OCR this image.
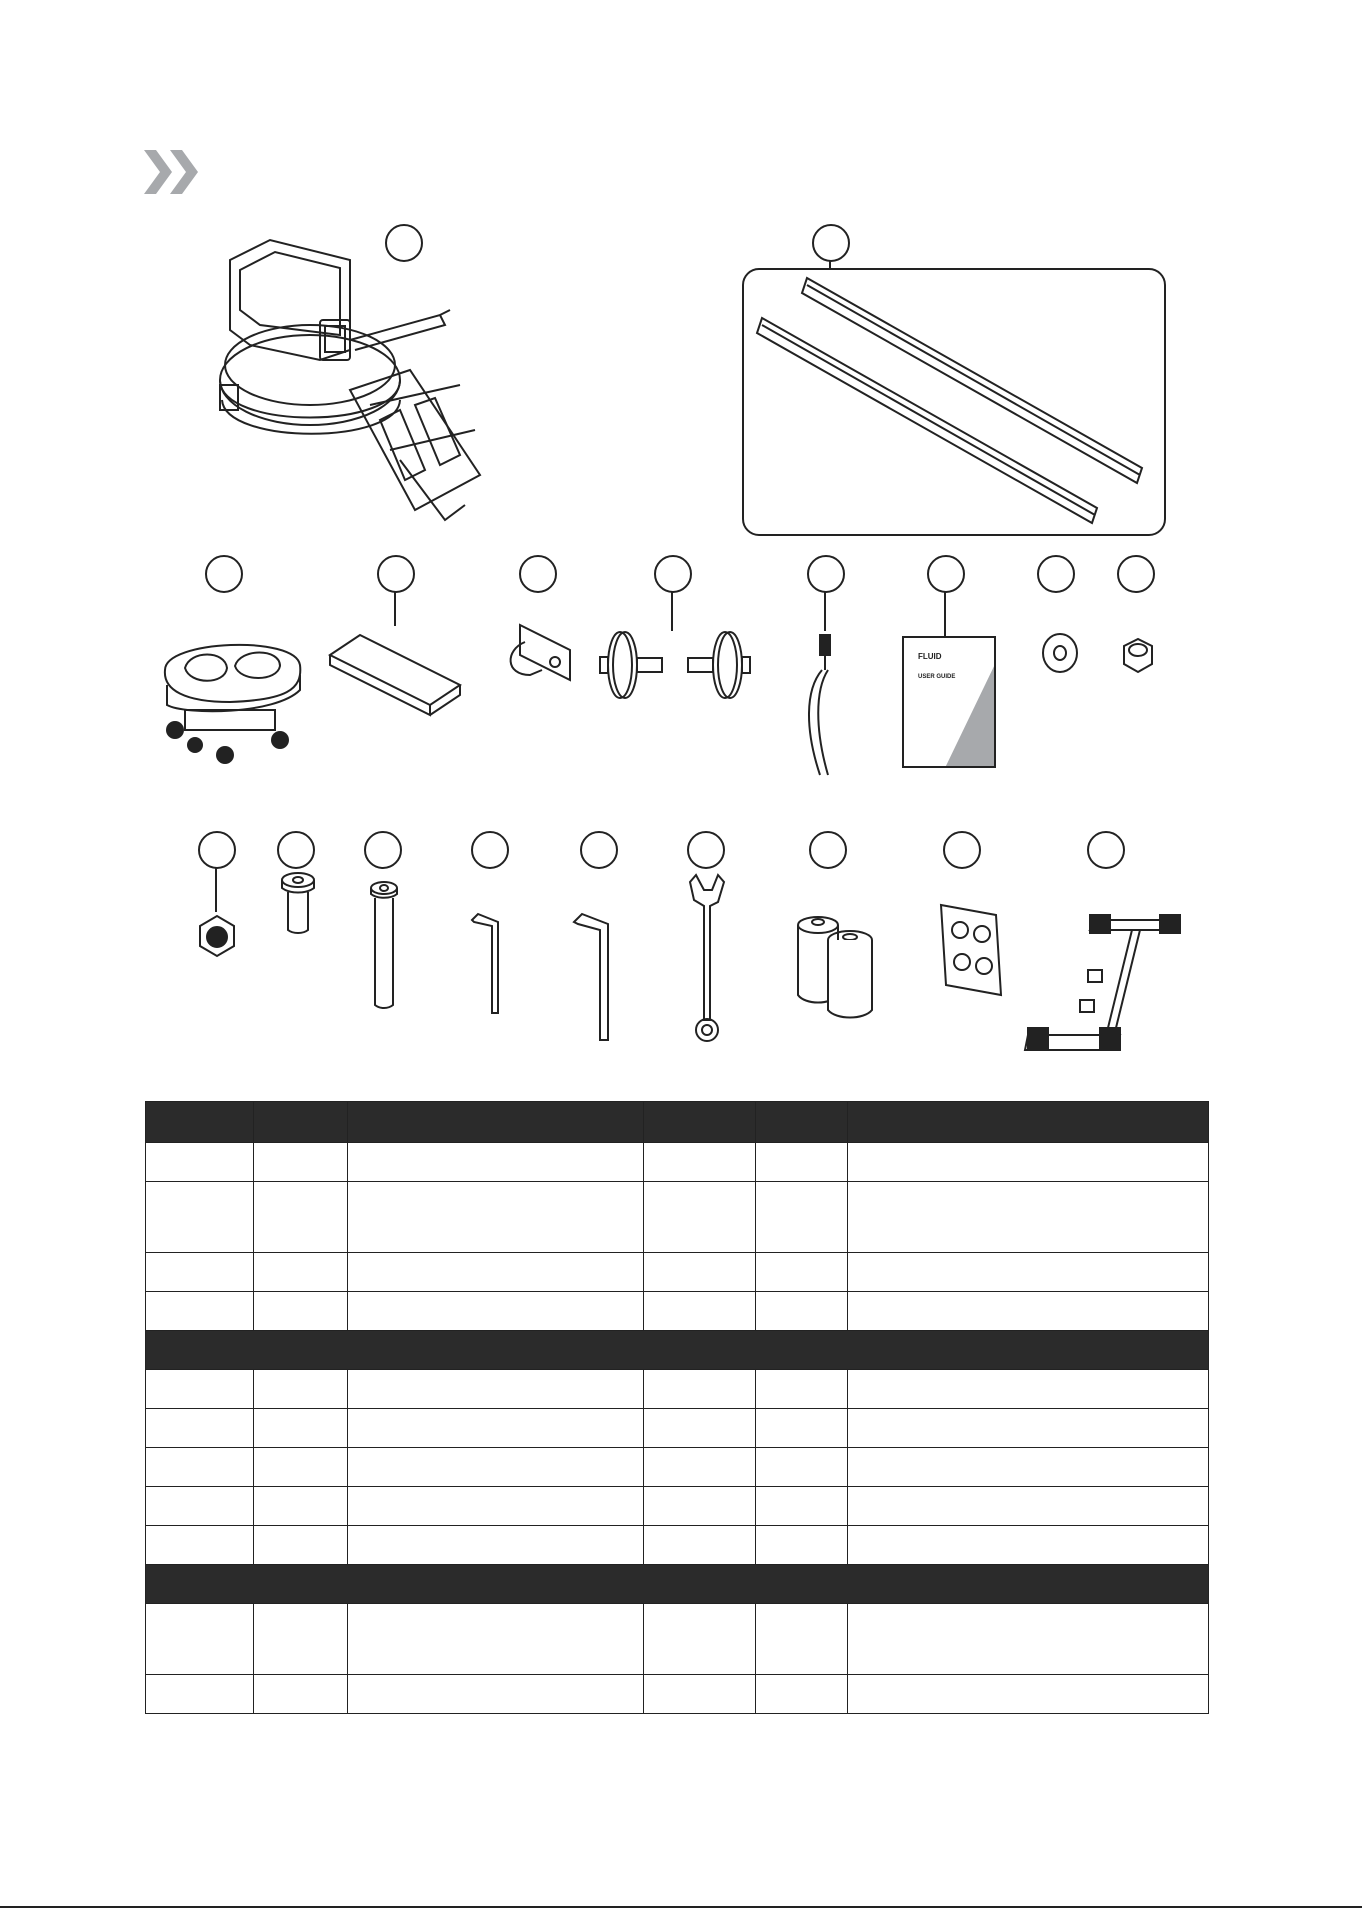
FLUID
USER GUIDE
